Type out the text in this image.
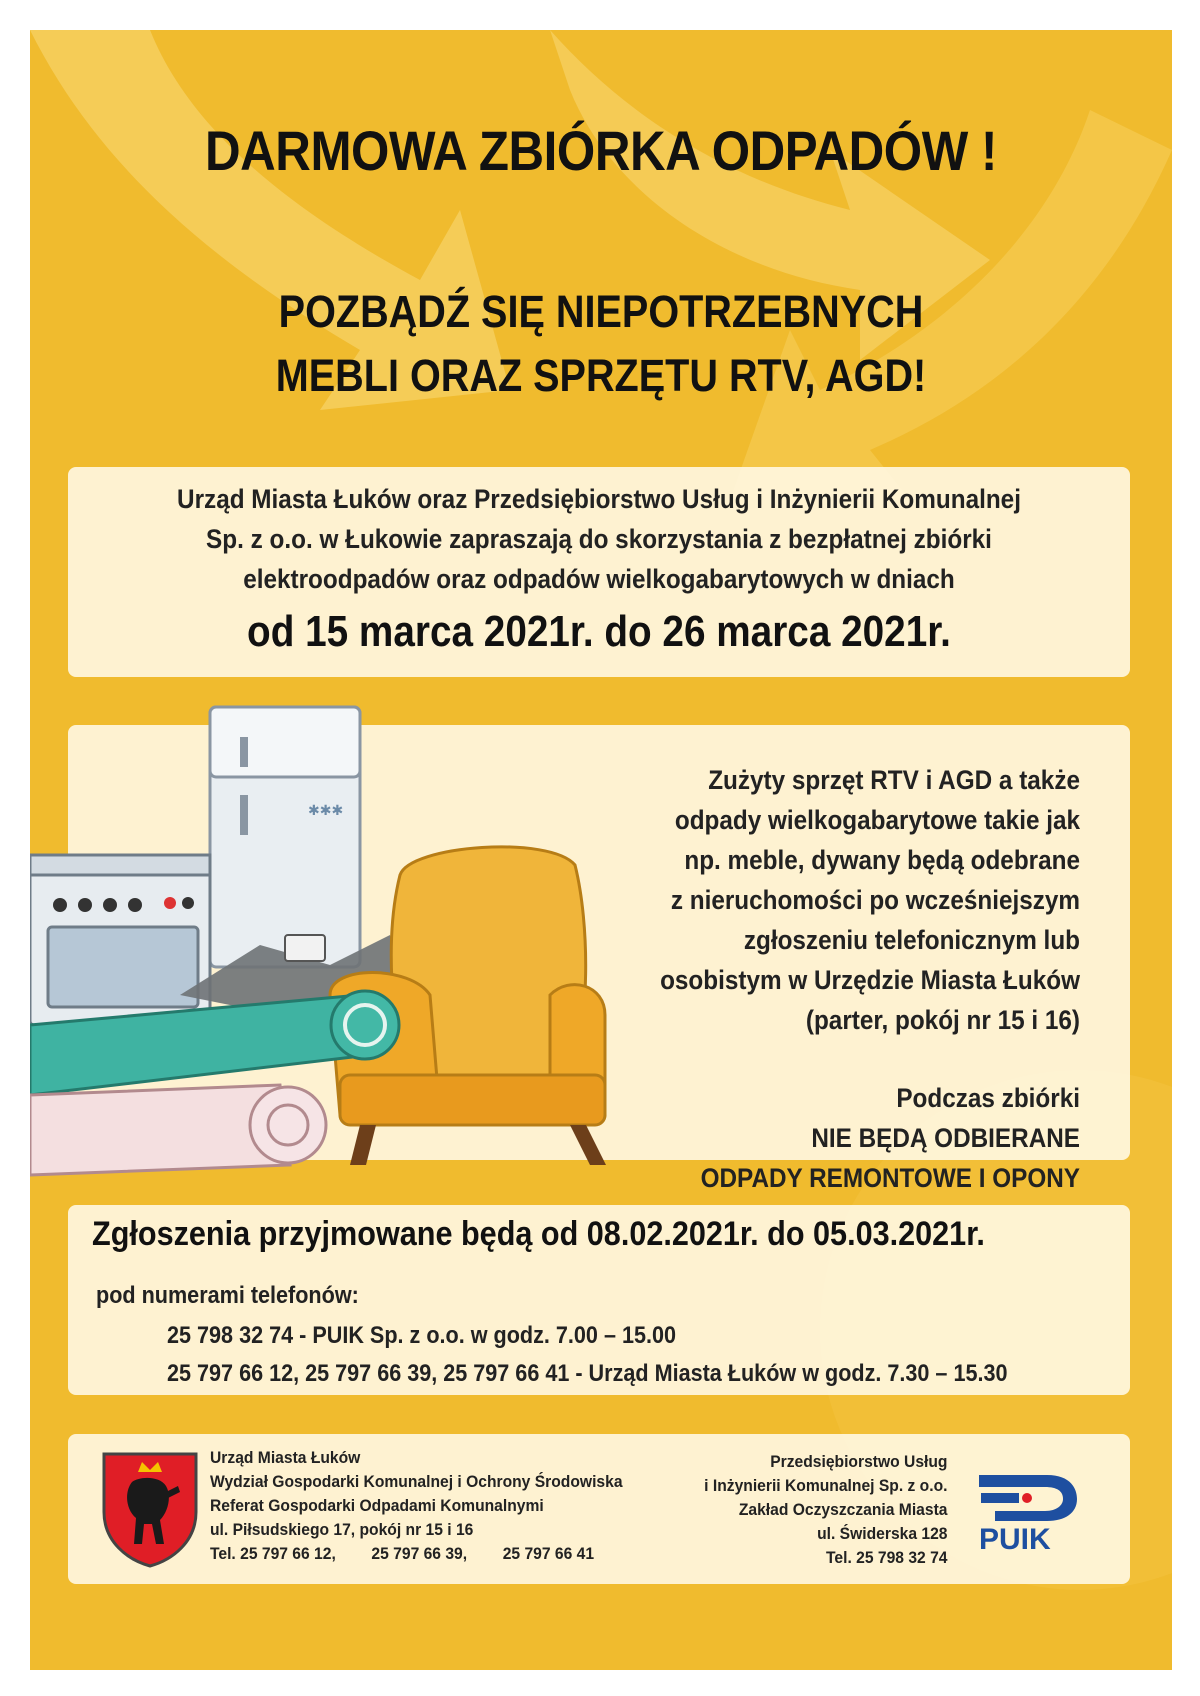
DARMOWA ZBIÓRKA ODPADÓW !
POZBĄDŹ SIĘ NIEPOTRZEBNYCH
MEBLI ORAZ SPRZĘTU RTV, AGD!
Urząd Miasta Łuków oraz Przedsiębiorstwo Usług i Inżynierii Komunalnej
Sp. z o.o. w Łukowie zapraszają do skorzystania z bezpłatnej zbiórki
elektroodpadów oraz odpadów wielkogabarytowych w dniach
od 15 marca 2021r. do 26 marca 2021r.
✱✱✱
Zużyty sprzęt RTV i AGD a także
odpady wielkogabarytowe takie jak
np. meble, dywany będą odebrane
z nieruchomości po wcześniejszym
zgłoszeniu telefonicznym lub
osobistym w Urzędzie Miasta Łuków
(parter, pokój nr 15 i 16)
Podczas zbiórki
NIE BĘDĄ ODBIERANE
ODPADY REMONTOWE I OPONY
Zgłoszenia przyjmowane będą od 08.02.2021r. do 05.03.2021r.
pod numerami telefonów:
25 798 32 74 - PUIK Sp. z o.o. w godz. 7.00 – 15.00
25 797 66 12, 25 797 66 39, 25 797 66 41 - Urząd Miasta Łuków w godz. 7.30 – 15.30
Urząd Miasta Łuków
Wydział Gospodarki Komunalnej i Ochrony Środowiska
Referat Gospodarki Odpadami Komunalnymi
ul. Piłsudskiego 17, pokój nr 15 i 16
Tel. 25 797 66 12, 25 797 66 39, 25 797 66 41
Przedsiębiorstwo Usług
i Inżynierii Komunalnej Sp. z o.o.
Zakład Oczyszczania Miasta
ul. Świderska 128
Tel. 25 798 32 74
PUIK
